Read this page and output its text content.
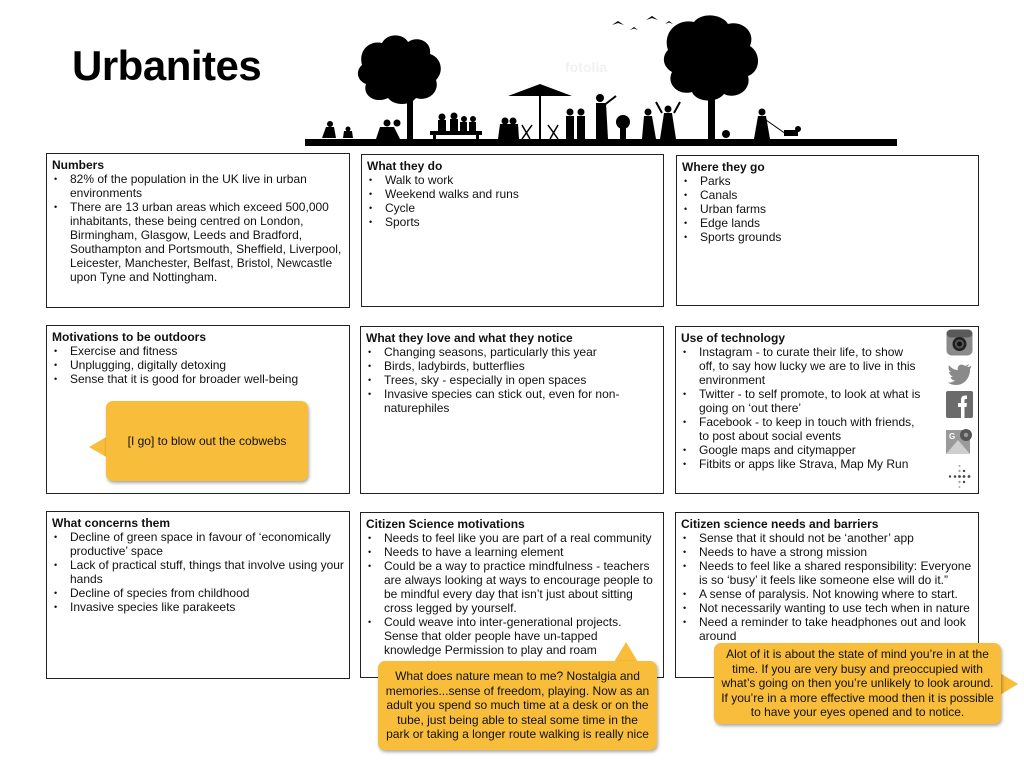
Urbanites	fotolia
Numbers
• 82% of the population in the UK live in urban environments
• There are 13 urban areas which exceed 500,000 inhabitants, these being centred on London, Birmingham, Glasgow, Leeds and Bradford, Southampton and Portsmouth, Sheffield, Liverpool, Leicester, Manchester, Belfast, Bristol, Newcastle upon Tyne and Nottingham.
What they do
• Walk to work
• Weekend walks and runs
• Cycle
• Sports
Where they go
• Parks
• Canals
• Urban farms
• Edge lands
• Sports grounds
Motivations to be outdoors
• Exercise and fitness
• Unplugging, digitally detoxing
• Sense that it is good for broader well-being
What they love and what they notice
• Changing seasons, particularly this year
• Birds, ladybirds, butterflies
• Trees, sky - especially in open spaces
• Invasive species can stick out, even for non-naturephiles
Use of technology
• Instagram - to curate their life, to show off, to say how lucky we are to live in this environment
• Twitter - to self promote, to look at what is going on ‘out there’
• Facebook - to keep in touch with friends, to post about social events
• Google maps and citymapper
• Fitbits or apps like Strava, Map My Run
G
What concerns them
• Decline of green space in favour of ‘economically productive’ space
• Lack of practical stuff, things that involve using your hands
• Decline of species from childhood
• Invasive species like parakeets
Citizen Science motivations
• Needs to feel like you are part of a real community
• Needs to have a learning element
• Could be a way to practice mindfulness - teachers are always looking at ways to encourage people to be mindful every day that isn’t just about sitting cross legged by yourself.
• Could weave into inter-generational projects. Sense that older people have un-tapped knowledge Permission to play and roam
Citizen science needs and barriers
• Sense that it should not be ‘another’ app
• Needs to have a strong mission
• Needs to feel like a shared responsibility: Everyone is so ‘busy’ it feels like someone else will do it.”
• A sense of paralysis. Not knowing where to start.
• Not necessarily wanting to use tech when in nature
• Need a reminder to take headphones out and look around
[I go] to blow out the cobwebs
What does nature mean to me? Nostalgia and memories...sense of freedom, playing. Now as an adult you spend so much time at a desk or on the tube, just being able to steal some time in the park or taking a longer route walking is really nice
Alot of it is about the state of mind you’re in at the time. If you are very busy and preoccupied with what’s going on then you’re unlikely to look around. If you’re in a more effective mood then it is possible to have your eyes opened and to notice.
